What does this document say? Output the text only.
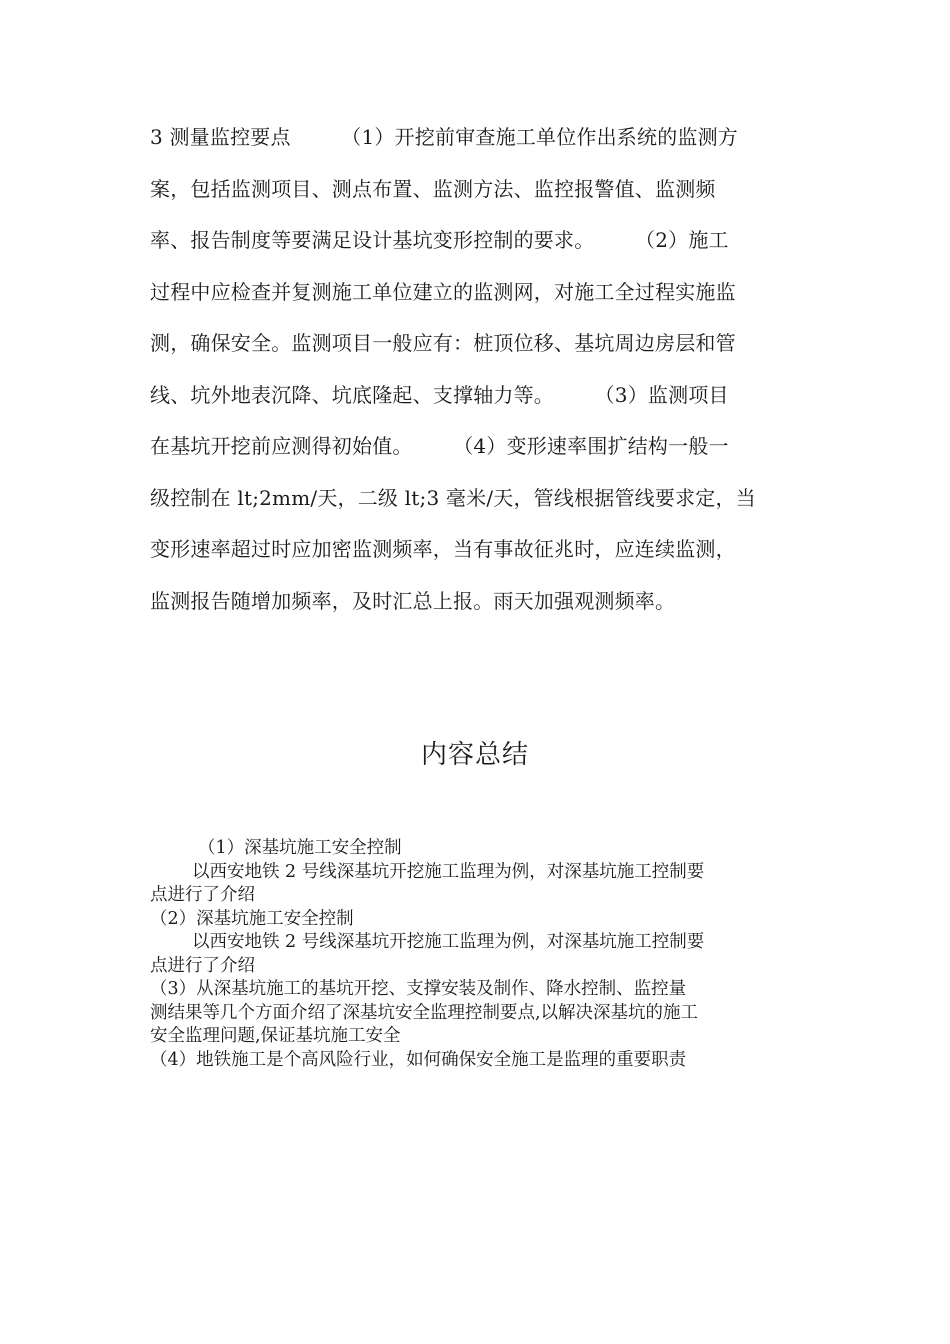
3 测量监控要点　　　（1）开挖前审查施工单位作出系统的监测方
案，包括监测项目、测点布置、监测方法、监控报警值、监测频
率、报告制度等要满足设计基坑变形控制的要求。　　　（2）施工
过程中应检查并复测施工单位建立的监测网，对施工全过程实施监
测，确保安全。监测项目一般应有：桩顶位移、基坑周边房层和管
线、坑外地表沉降、坑底隆起、支撑轴力等。　　　（3）监测项目
在基坑开挖前应测得初始值。　　　（4）变形速率围扩结构一般一
级控制在 lt;2mm/天，二级 lt;3 毫米/天，管线根据管线要求定，当
变形速率超过时应加密监测频率，当有事故征兆时，应连续监测，
监测报告随增加频率，及时汇总上报。雨天加强观测频率。
内容总结
（1）深基坑施工安全控制
以西安地铁 2 号线深基坑开挖施工监理为例，对深基坑施工控制要
点进行了介绍
（2）深基坑施工安全控制
以西安地铁 2 号线深基坑开挖施工监理为例，对深基坑施工控制要
点进行了介绍
（3）从深基坑施工的基坑开挖、支撑安装及制作、降水控制、监控量
测结果等几个方面介绍了深基坑安全监理控制要点,以解决深基坑的施工
安全监理问题,保证基坑施工安全
（4）地铁施工是个高风险行业，如何确保安全施工是监理的重要职责
